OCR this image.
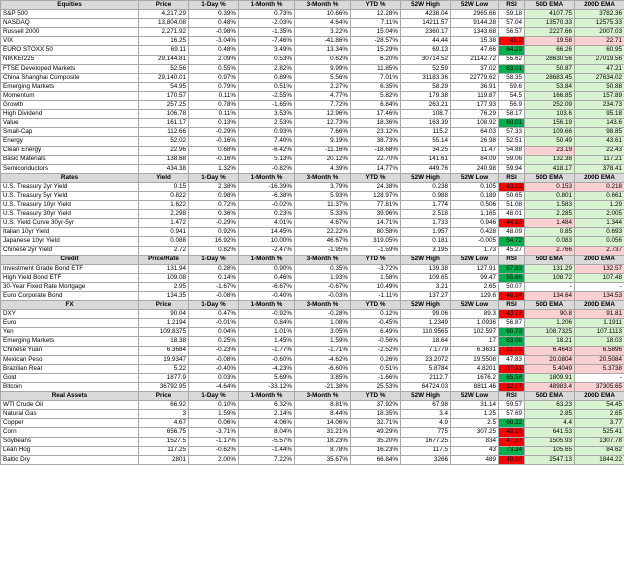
Equities	Price	1-Day %	1-Month %	3-Month %	YTD %	52W High	52W Low	RSI	50D EMA	200D EMA
S&P 500	4,217.29	0.39%	0.73%	10.66%	12.28%	4238.04	2965.66	59.18	4107.75	3782.36
NASDAQ	13,804.08	0.48%	-2.03%	4.64%	7.11%	14211.57	9144.28	57.04	13570.33	12575.33
Russell 2000	2,271.92	-0.98%	-1.35%	3.22%	15.04%	2360.17	1343.68	56.57	2227.66	2007.03
VIX	16.25	-3.04%	-7.46%	-41.86%	-28.57%	44.44	15.38	41.9	19.58	22.71
EURO STOXX 50	69.11	0.48%	3.49%	13.34%	15.29%	69.13	47.66	64.29	66.26	60.95
NIKKEI225	29,144.81	2.09%	0.53%	0.62%	6.20%	30714.52	21142.72	55.62	28630.56	27019.56
FTSE Developed Markets	52.56	0.55%	2.82%	9.99%	11.85%	52.59	37.02	63.01	50.87	47.21
China Shanghai Composite	29,140.01	0.97%	0.89%	5.56%	7.01%	31183.36	22779.62	58.35	28683.45	27634.02
Emerging Markets	54.95	0.79%	0.51%	2.27%	6.35%	58.29	36.91	59.6	53.84	50.88
Momentum	170.57	0.11%	-2.55%	4.77%	5.82%	179.38	119.87	54.5	166.85	157.89
Growth	257.25	0.78%	-1.65%	7.72%	6.84%	263.21	177.93	56.9	252.09	234.73
High Dividend	106.78	0.11%	3.53%	12.96%	17.46%	108.7	76.29	58.17	103.6	95.18
Value	161.17	0.13%	2.53%	12.73%	18.36%	163.39	108.92	60.01	156.19	143.6
Small-Cap	112.66	-0.29%	0.93%	7.66%	23.12%	115.2	64.03	57.33	109.66	98.85
Energy	52.02	-0.16%	7.40%	9.19%	38.73%	55.14	26.98	52.51	50.49	43.61
Clean Energy	22.96	0.68%	-6.42%	-11.16%	-18.68%	34.25	11.47	54.88	23.19	22.43
Basic Materials	138.68	-0.16%	5.13%	20.12%	22.70%	141.61	84.09	59.06	132.38	117.21
Semiconductors	434.38	1.32%	-0.82%	4.39%	14.77%	449.76	240.98	59.94	418.17	378.41
Rates	Yield	1-Day %	1-Month %	3-Month %	YTD %	52W High	52W Low	RSI	50D EMA	200D EMA
U.S. Treasury 2yr Yield	0.15	2.38%	-16.39%	3.79%	24.38%	0.238	0.105	43.39	0.153	0.218
U.S. Treasury 5yr Yield	0.822	0.98%	-6.38%	5.93%	128.97%	0.988	0.189	50.65	0.801	0.661
U.S. Treasury 10yr Yield	1.622	0.72%	-0.02%	11.37%	77.81%	1.774	0.506	51.08	1.583	1.29
U.S. Treasury 30yr Yield	2.298	0.36%	0.23%	5.33%	39.96%	2.518	1.165	48.01	2.285	2.005
U.S. Yield Curve 30yr-5yr	1.472	-0.29%	4.01%	4.67%	14.71%	1.733	0.946	44.16	1.484	1.344
Italian 10yr Yield	0.941	0.92%	14.45%	22.22%	80.58%	1.957	0.428	48.09	0.85	0.693
Japanese 10yr Yield	0.088	16.92%	10.00%	46.67%	319.05%	0.181	-0.005	54.72	0.083	0.056
Chinese 2yr Yield	2.72	0.82%	-2.47%	-1.95%	-1.59%	3.195	1.73	45.27	2.766	2.737
Credit	Price/Rate	1-Day %	1-Month %	3-Month %	YTD %	52W High	52W Low	RSI	50D EMA	200D EMA
Investment Grade Bond ETF	131.94	0.28%	0.90%	0.35%	-3.72%	139.38	127.91	57.82	131.29	132.57
High Yield Bond ETF	109.08	0.14%	0.46%	1.93%	1.58%	109.65	99.47	55.66	108.72	107.48
30-Year Fixed Rate Mortgage	2.95	-1.67%	-6.67%	-0.67%	10.49%	3.21	2.65	50.07	-	-
Euro Corporate Bond	134.35	-0.08%	-0.40%	-0.03%	-1.11%	137.27	129.6	46.34	134.64	134.53
FX	Price	1-Day %	1-Month %	3-Month %	YTD %	52W High	52W Low	RSI	50D EMA	200D EMA
DXY	90.04	0.47%	-0.92%	-0.28%	0.12%	99.06	89.3	43.73	90.8	91.81
Euro	1.2194	-0.01%	0.84%	1.08%	-0.45%	1.2349	1.0936	56.87	1.206	1.1911
Yen	109.8375	0.04%	1.01%	3.05%	6.49%	110.9565	102.597	60.73	108.7325	107.1113
Emerging Markets	18.38	0.25%	1.45%	1.59%	-0.56%	18.64	17	63.06	18.21	18.03
Chinese Yuan	6.3684	-0.23%	-1.77%	-1.71%	-2.52%	7.1779	6.3631	21.72	6.4643	6.5896
Mexican Peso	19.9347	-0.08%	-0.60%	-4.62%	0.26%	23.2072	19.5508	47.83	20.0804	20.5084
Brazilian Real	5.22	-0.40%	-4.23%	-6.60%	0.51%	5.8784	4.8201	37.31	5.4049	5.3738
Gold	1877.9	0.03%	5.69%	3.85%	-1.66%	2112.7	1676.2	65.58	1809.91	-
Bitcoin	36792.95	-4.64%	-33.12%	-21.38%	25.53%	64724.03	8811.46	32.07	48983.4	37305.65
Real Assets	Price	1-Day %	1-Month %	3-Month %	YTD %	52W High	52W Low	RSI	50D EMA	200D EMA
WTI Crude Oil	66.92	0.10%	6.32%	8.81%	37.92%	67.98	31.14	59.57	63.23	54.45
Natural Gas	3	1.59%	2.14%	8.44%	18.35%	3.4	1.25	57.69	2.85	2.65
Copper	4.67	0.06%	4.06%	14.06%	32.71%	4.9	2.5	60.32	4.4	3.77
Corn	656.75	-3.71%	8.04%	31.21%	49.29%	775	307.25	48.28	641.53	525.41
Soybeans	1527.5	-1.17%	-5.57%	18.23%	35.20%	1677.25	834	47.57	1505.93	1307.78
Lean Hog	117.25	-0.62%	-1.44%	8.78%	16.23%	117.5	43	73.34	105.65	84.62
Baltic Dry	2801	2.00%	7.22%	35.67%	66.84%	3266	489	49.68	2547.13	1844.22
